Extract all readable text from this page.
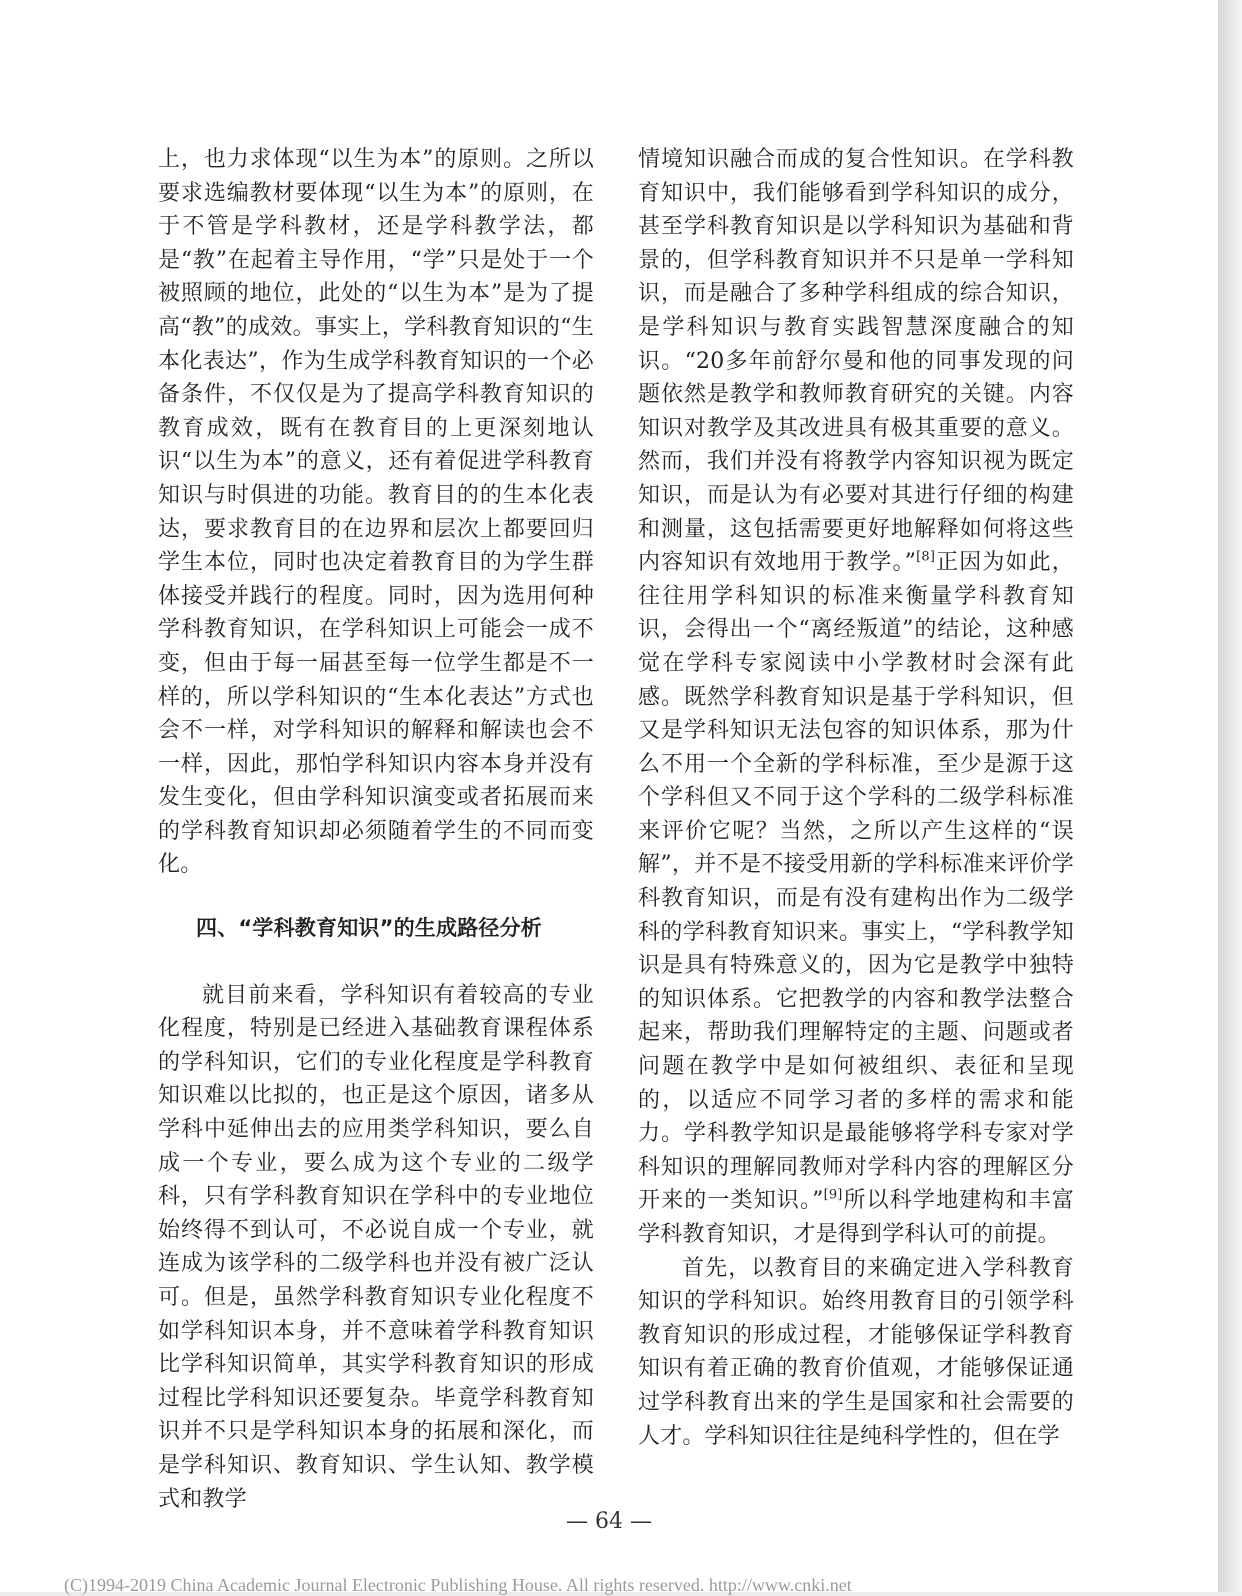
上，也力求体现“以生为本”的原则。之所以要求选编教材要体现“以生为本”的原则，在于不管是学科教材，还是学科教学法，都是“教”在起着主导作用，“学”只是处于一个被照顾的地位，此处的“以生为本”是为了提高“教”的成效。事实上，学科教育知识的“生本化表达”，作为生成学科教育知识的一个必备条件，不仅仅是为了提高学科教育知识的教育成效，既有在教育目的上更深刻地认识“以生为本”的意义，还有着促进学科教育知识与时俱进的功能。教育目的的生本化表达，要求教育目的在边界和层次上都要回归学生本位，同时也决定着教育目的为学生群体接受并践行的程度。同时，因为选用何种学科教育知识，在学科知识上可能会一成不变，但由于每一届甚至每一位学生都是不一样的，所以学科知识的“生本化表达”方式也会不一样，对学科知识的解释和解读也会不一样，因此，那怕学科知识内容本身并没有发生变化，但由学科知识演变或者拓展而来的学科教育知识却必须随着学生的不同而变化。

四、“学科教育知识”的生成路径分析

就目前来看，学科知识有着较高的专业化程度，特别是已经进入基础教育课程体系的学科知识，它们的专业化程度是学科教育知识难以比拟的，也正是这个原因，诸多从学科中延伸出去的应用类学科知识，要么自成一个专业，要么成为这个专业的二级学科，只有学科教育知识在学科中的专业地位始终得不到认可，不必说自成一个专业，就连成为该学科的二级学科也并没有被广泛认可。但是，虽然学科教育知识专业化程度不如学科知识本身，并不意味着学科教育知识比学科知识简单，其实学科教育知识的形成过程比学科知识还要复杂。毕竟学科教育知识并不只是学科知识本身的拓展和深化，而是学科知识、教育知识、学生认知、教学模式和教学

情境知识融合而成的复合性知识。在学科教育知识中，我们能够看到学科知识的成分，甚至学科教育知识是以学科知识为基础和背景的，但学科教育知识并不只是单一学科知识，而是融合了多种学科组成的综合知识，是学科知识与教育实践智慧深度融合的知识。“20多年前舒尔曼和他的同事发现的问题依然是教学和教师教育研究的关键。内容知识对教学及其改进具有极其重要的意义。然而，我们并没有将教学内容知识视为既定知识，而是认为有必要对其进行仔细的构建和测量，这包括需要更好地解释如何将这些内容知识有效地用于教学。”[8]正因为如此，往往用学科知识的标准来衡量学科教育知识，会得出一个“离经叛道”的结论，这种感觉在学科专家阅读中小学教材时会深有此感。既然学科教育知识是基于学科知识，但又是学科知识无法包容的知识体系，那为什么不用一个全新的学科标准，至少是源于这个学科但又不同于这个学科的二级学科标准来评价它呢？当然，之所以产生这样的“误解”，并不是不接受用新的学科标准来评价学科教育知识，而是有没有建构出作为二级学科的学科教育知识来。事实上，“学科教学知识是具有特殊意义的，因为它是教学中独特的知识体系。它把教学的内容和教学法整合起来，帮助我们理解特定的主题、问题或者问题在教学中是如何被组织、表征和呈现的，以适应不同学习者的多样的需求和能力。学科教学知识是最能够将学科专家对学科知识的理解同教师对学科内容的理解区分开来的一类知识。”[9]所以科学地建构和丰富学科教育知识，才是得到学科认可的前提。

首先，以教育目的来确定进入学科教育知识的学科知识。始终用教育目的引领学科教育知识的形成过程，才能够保证学科教育知识有着正确的教育价值观，才能够保证通过学科教育出来的学生是国家和社会需要的人才。学科知识往往是纯科学性的，但在学

— 64 —
(C)1994-2019 China Academic Journal Electronic Publishing House. All rights reserved. http://www.cnki.net
